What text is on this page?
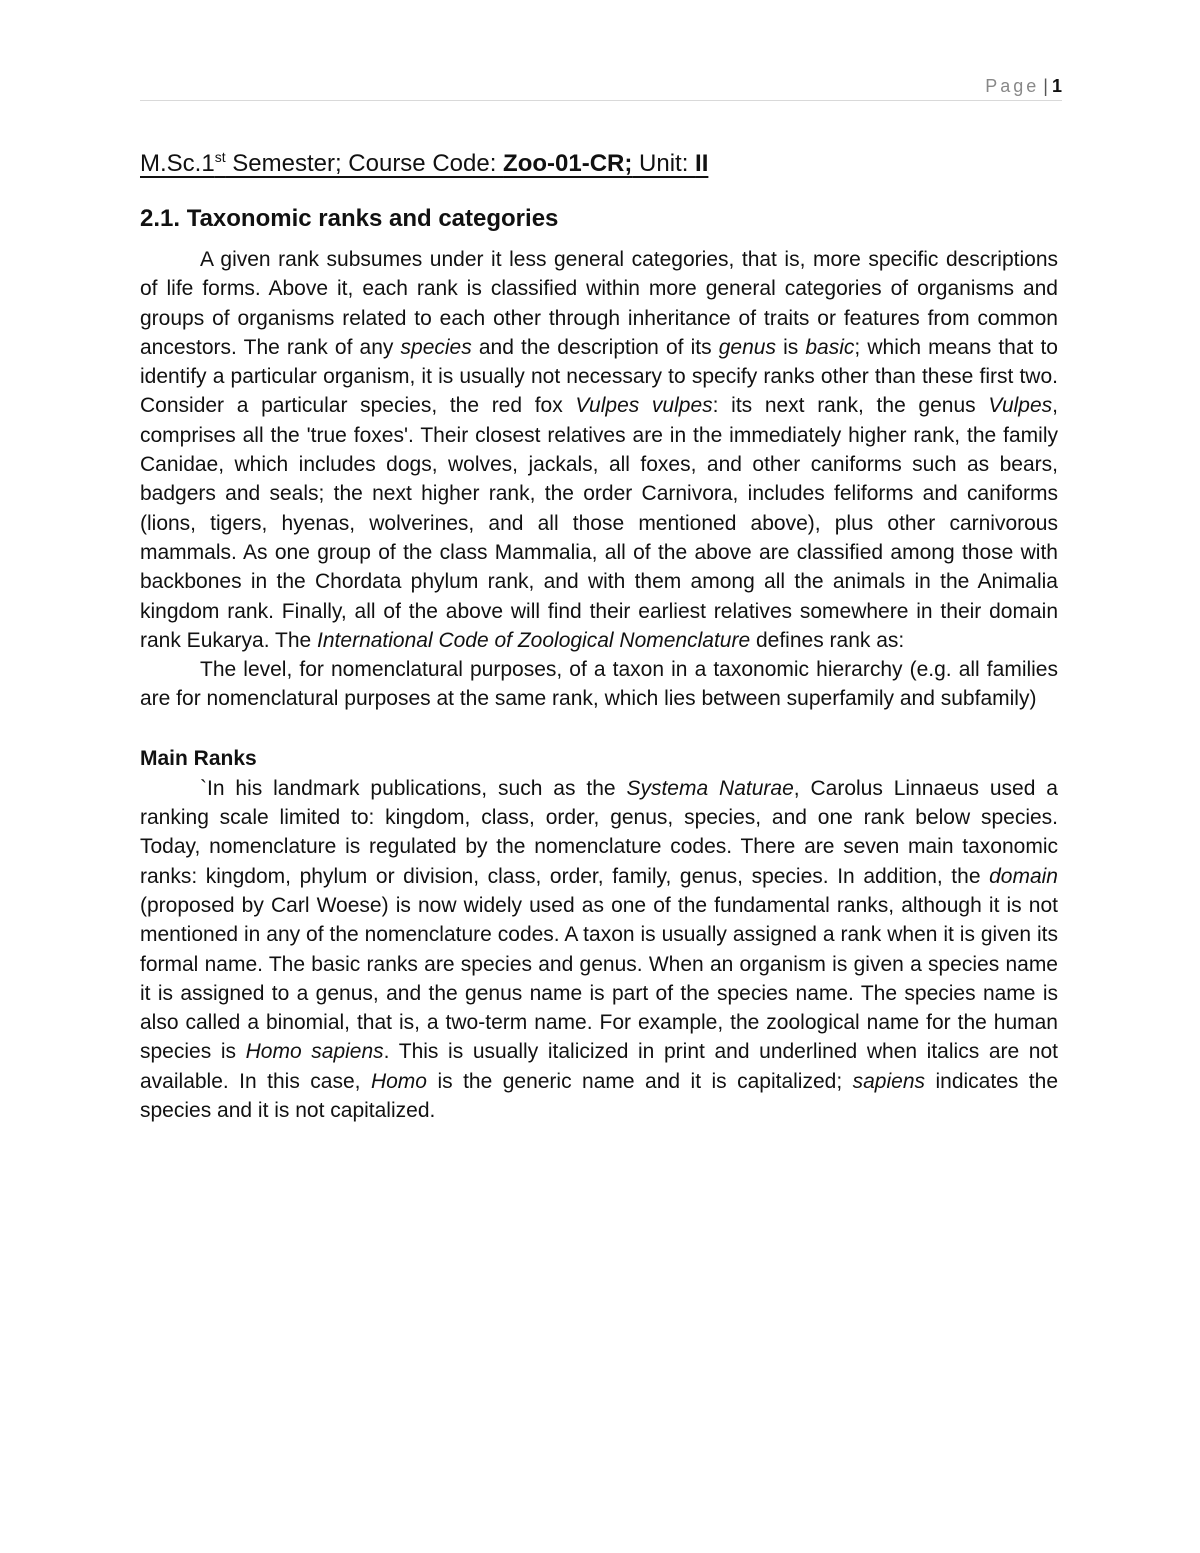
Page | 1
M.Sc.1st Semester; Course Code: Zoo-01-CR; Unit: II
2.1. Taxonomic ranks and categories

A given rank subsumes under it less general categories, that is, more specific descriptions of life forms. Above it, each rank is classified within more general categories of organisms and groups of organisms related to each other through inheritance of traits or features from common ancestors. The rank of any species and the description of its genus is basic; which means that to identify a particular organism, it is usually not necessary to specify ranks other than these first two. Consider a particular species, the red fox Vulpes vulpes: its next rank, the genus Vulpes, comprises all the 'true foxes'. Their closest relatives are in the immediately higher rank, the family Canidae, which includes dogs, wolves, jackals, all foxes, and other caniforms such as bears, badgers and seals; the next higher rank, the order Carnivora, includes feliforms and caniforms (lions, tigers, hyenas, wolverines, and all those mentioned above), plus other carnivorous mammals. As one group of the class Mammalia, all of the above are classified among those with backbones in the Chordata phylum rank, and with them among all the animals in the Animalia kingdom rank. Finally, all of the above will find their earliest relatives somewhere in their domain rank Eukarya. The International Code of Zoological Nomenclature defines rank as:

The level, for nomenclatural purposes, of a taxon in a taxonomic hierarchy (e.g. all families are for nomenclatural purposes at the same rank, which lies between superfamily and subfamily)

Main Ranks

`In his landmark publications, such as the Systema Naturae, Carolus Linnaeus used a ranking scale limited to: kingdom, class, order, genus, species, and one rank below species. Today, nomenclature is regulated by the nomenclature codes. There are seven main taxonomic ranks: kingdom, phylum or division, class, order, family, genus, species. In addition, the domain (proposed by Carl Woese) is now widely used as one of the fundamental ranks, although it is not mentioned in any of the nomenclature codes. A taxon is usually assigned a rank when it is given its formal name. The basic ranks are species and genus. When an organism is given a species name it is assigned to a genus, and the genus name is part of the species name. The species name is also called a binomial, that is, a two-term name. For example, the zoological name for the human species is Homo sapiens. This is usually italicized in print and underlined when italics are not available. In this case, Homo is the generic name and it is capitalized; sapiens indicates the species and it is not capitalized.
